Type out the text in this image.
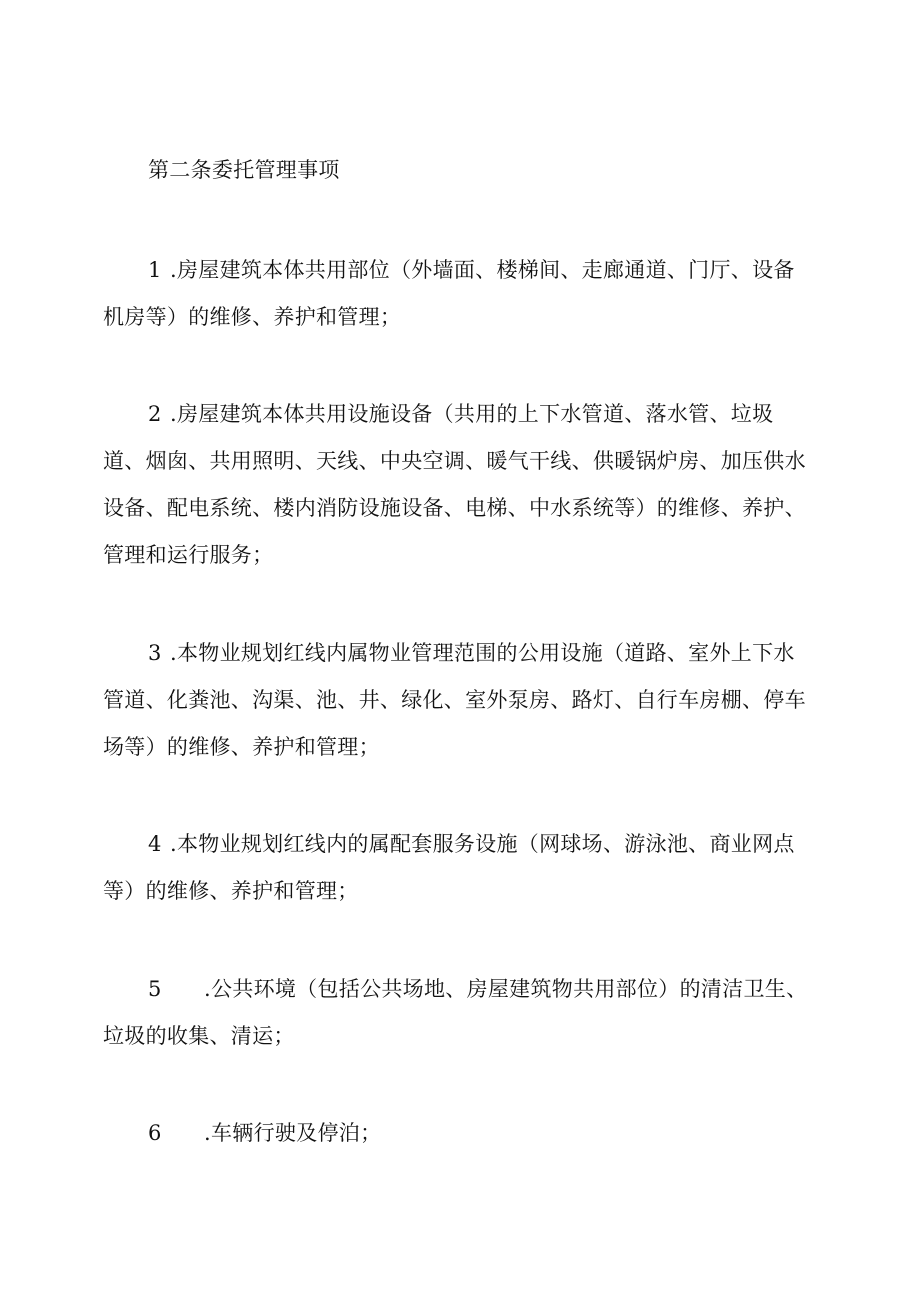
第二条委托管理事项
1 .房屋建筑本体共用部位（外墙面、楼梯间、走廊通道、门厅、设备
机房等）的维修、养护和管理；
2 .房屋建筑本体共用设施设备（共用的上下水管道、落水管、垃圾
道、烟囱、共用照明、天线、中央空调、暖气干线、供暖锅炉房、加压供水
设备、配电系统、楼内消防设施设备、电梯、中水系统等）的维修、养护、
管理和运行服务；
3 .本物业规划红线内属物业管理范围的公用设施（道路、室外上下水
管道、化粪池、沟渠、池、井、绿化、室外泵房、路灯、自行车房棚、停车
场等）的维修、养护和管理；
4 .本物业规划红线内的属配套服务设施（网球场、游泳池、商业网点
等）的维修、养护和管理；
5 .公共环境（包括公共场地、房屋建筑物共用部位）的清洁卫生、
垃圾的收集、清运；
6 .车辆行驶及停泊；
